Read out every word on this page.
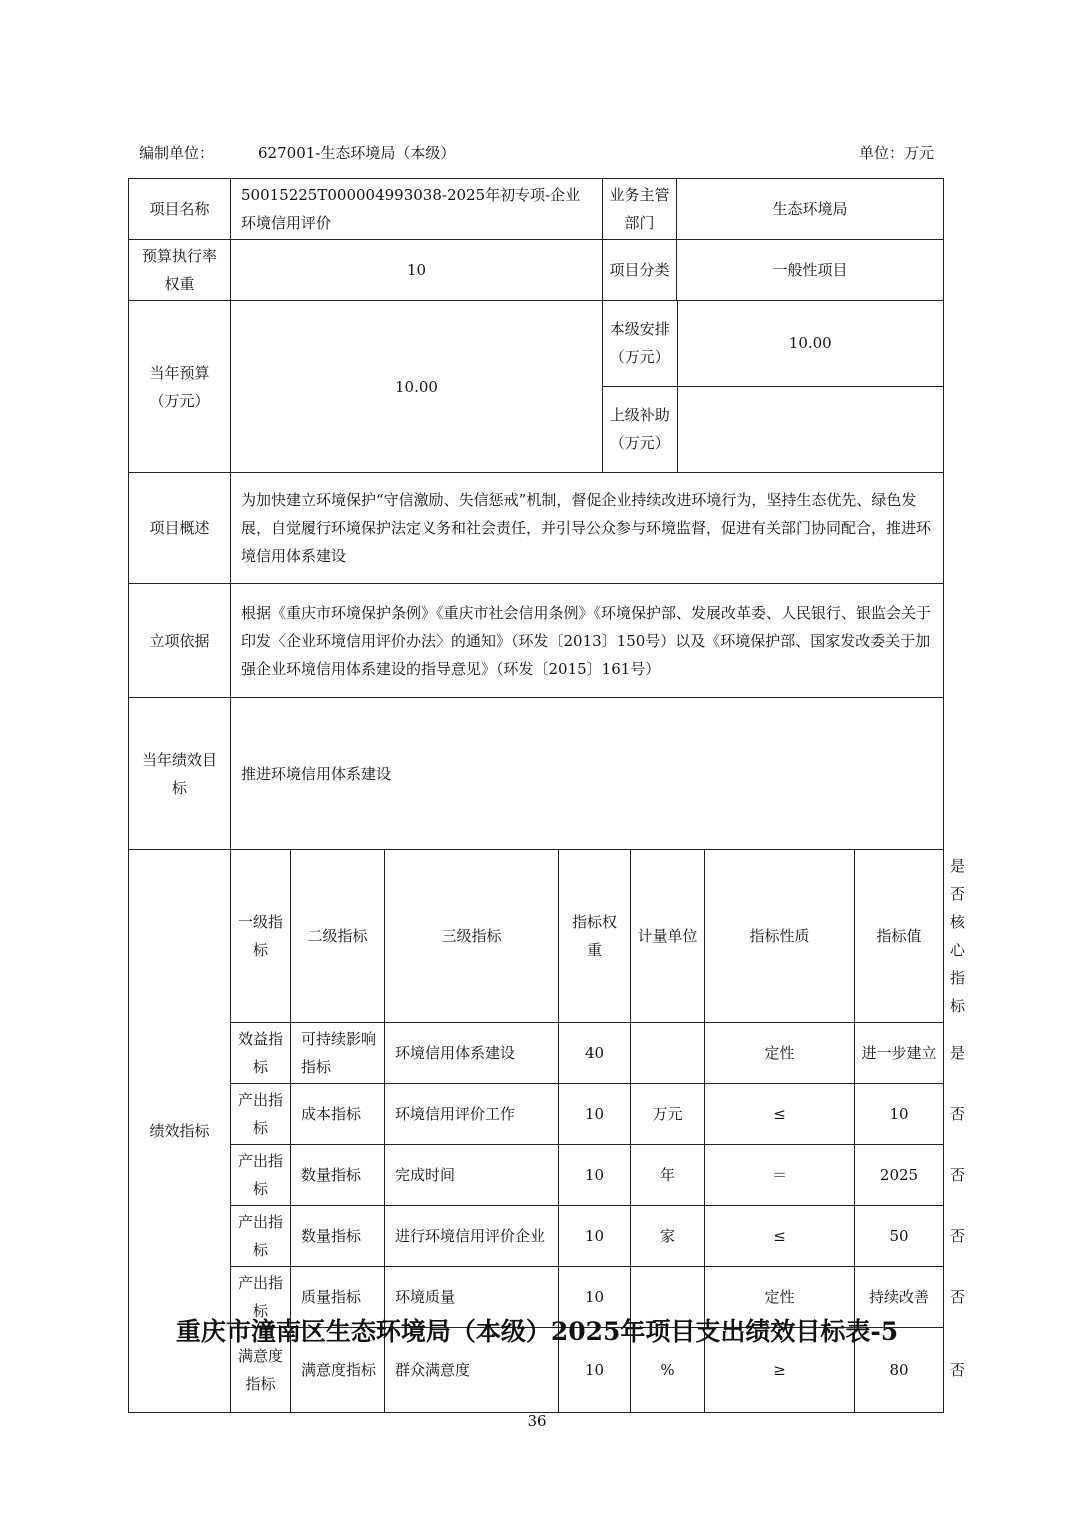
编制单位：	627001-生态环境局（本级）	单位：万元
项目名称	50015225T000004993038-2025年初专项-企业环境信用评价	业务主管部门	生态环境局
预算执行率权重	10	项目分类	一般性项目
当年预算（万元）	10.00	
本级安排（万元）	10.00
上级补助（万元）	

项目概述	为加快建立环境保护“守信激励、失信惩戒”机制，督促企业持续改进环境行为，坚持生态优先、绿色发展，自觉履行环境保护法定义务和社会责任，并引导公众参与环境监督，促进有关部门协同配合，推进环境信用体系建设
立项依据	根据《重庆市环境保护条例》《重庆市社会信用条例》《环境保护部、发展改革委、人民银行、银监会关于印发〈企业环境信用评价办法〉的通知》（环发〔2013〕150号）以及《环境保护部、国家发改委关于加强企业环境信用体系建设的指导意见》（环发〔2015〕161号）
当年绩效目标	推进环境信用体系建设
绩效指标	一级指标	二级指标	三级指标	指标权重	计量单位	指标性质	指标值	是否核心指标
效益指标	可持续影响指标	环境信用体系建设	40		定性	进一步建立	是
产出指标	成本指标	环境信用评价工作	10	万元	≤	10	否
产出指标	数量指标	完成时间	10	年	＝	2025	否
产出指标	数量指标	进行环境信用评价企业	10	家	≤	50	否
产出指标	质量指标	环境质量	10		定性	持续改善	否
满意度指标	满意度指标	群众满意度	10	%	≥	80	否
重庆市潼南区生态环境局（本级）2025年项目支出绩效目标表-5
36
